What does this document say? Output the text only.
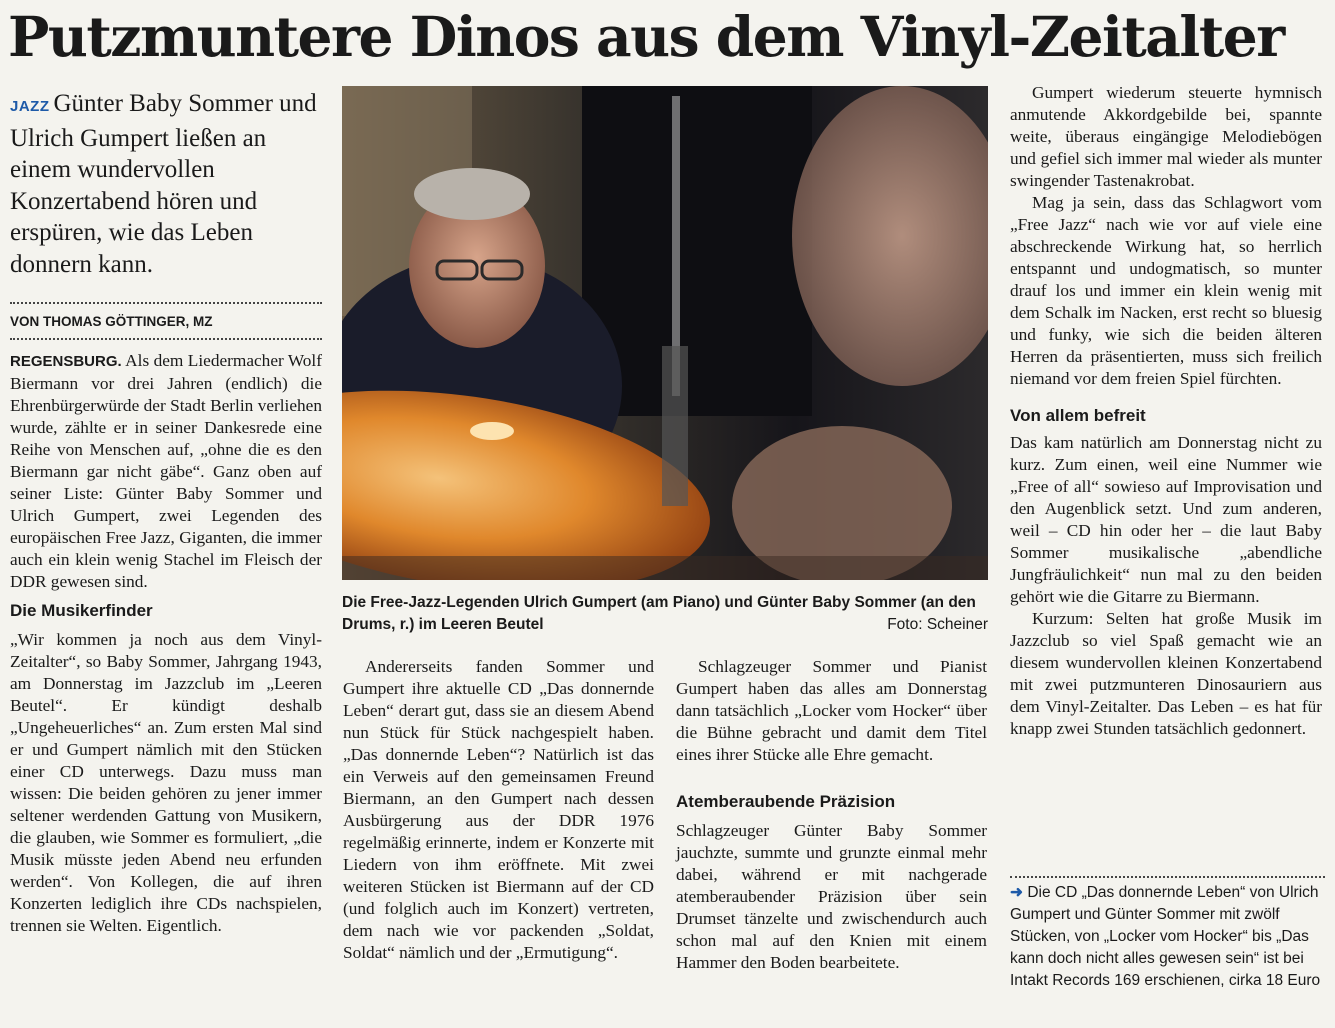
Putzmuntere Dinos aus dem Vinyl-Zeitalter

JAZZ Günter Baby Sommer und Ulrich Gumpert ließen an einem wundervollen Konzertabend hören und erspüren, wie das Leben donnern kann.

VON THOMAS GÖTTINGER, MZ

REGENSBURG. Als dem Liedermacher Wolf Biermann vor drei Jahren (endlich) die Ehrenbürgerwürde der Stadt Berlin verliehen wurde, zählte er in seiner Dankesrede eine Reihe von Menschen auf, „ohne die es den Biermann gar nicht gäbe“. Ganz oben auf seiner Liste: Günter Baby Sommer und Ulrich Gumpert, zwei Legenden des europäischen Free Jazz, Giganten, die immer auch ein klein wenig Stachel im Fleisch der DDR gewesen sind.

Die Musikerfinder

„Wir kommen ja noch aus dem Vinyl-Zeitalter“, so Baby Sommer, Jahrgang 1943, am Donnerstag im Jazzclub im „Leeren Beutel“. Er kündigt deshalb „Ungeheuerliches“ an. Zum ersten Mal sind er und Gumpert nämlich mit den Stücken einer CD unterwegs. Dazu muss man wissen: Die beiden gehören zu jener immer seltener werdenden Gattung von Musikern, die glauben, wie Sommer es formuliert, „die Musik müsste jeden Abend neu erfunden werden“. Von Kollegen, die auf ihren Konzerten lediglich ihre CDs nachspielen, trennen sie Welten. Eigentlich.

Die Free-Jazz-Legenden Ulrich Gumpert (am Piano) und Günter Baby Sommer (an den Drums, r.) im Leeren Beutel	Foto: Scheiner

Andererseits fanden Sommer und Gumpert ihre aktuelle CD „Das donnernde Leben“ derart gut, dass sie an diesem Abend nun Stück für Stück nachgespielt haben. „Das donnernde Leben“? Natürlich ist das ein Verweis auf den gemeinsamen Freund Biermann, an den Gumpert nach dessen Ausbürgerung aus der DDR 1976 regelmäßig erinnerte, indem er Konzerte mit Liedern von ihm eröffnete. Mit zwei weiteren Stücken ist Biermann auf der CD (und folglich auch im Konzert) vertreten, dem nach wie vor packenden „Soldat, Soldat“ nämlich und der „Ermutigung“.

Schlagzeuger Sommer und Pianist Gumpert haben das alles am Donnerstag dann tatsächlich „Locker vom Hocker“ über die Bühne gebracht und damit dem Titel eines ihrer Stücke alle Ehre gemacht.

Atemberaubende Präzision

Schlagzeuger Günter Baby Sommer jauchzte, summte und grunzte einmal mehr dabei, während er mit nachgerade atemberaubender Präzision über sein Drumset tänzelte und zwischendurch auch schon mal auf den Knien mit einem Hammer den Boden bearbeitete.

Gumpert wiederum steuerte hymnisch anmutende Akkordgebilde bei, spannte weite, überaus eingängige Melodiebögen und gefiel sich immer mal wieder als munter swingender Tastenakrobat.

Mag ja sein, dass das Schlagwort vom „Free Jazz“ nach wie vor auf viele eine abschreckende Wirkung hat, so herrlich entspannt und undogmatisch, so munter drauf los und immer ein klein wenig mit dem Schalk im Nacken, erst recht so bluesig und funky, wie sich die beiden älteren Herren da präsentierten, muss sich freilich niemand vor dem freien Spiel fürchten.

Von allem befreit

Das kam natürlich am Donnerstag nicht zu kurz. Zum einen, weil eine Nummer wie „Free of all“ sowieso auf Improvisation und den Augenblick setzt. Und zum anderen, weil – CD hin oder her – die laut Baby Sommer musikalische „abendliche Jungfräulichkeit“ nun mal zu den beiden gehört wie die Gitarre zu Biermann.

Kurzum: Selten hat große Musik im Jazzclub so viel Spaß gemacht wie an diesem wundervollen kleinen Konzertabend mit zwei putzmunteren Dinosauriern aus dem Vinyl-Zeitalter. Das Leben – es hat für knapp zwei Stunden tatsächlich gedonnert.

➜ Die CD „Das donnernde Leben“ von Ulrich Gumpert und Günter Sommer mit zwölf Stücken, von „Locker vom Hocker“ bis „Das kann doch nicht alles gewesen sein“ ist bei Intakt Records 169 erschienen, cirka 18 Euro
